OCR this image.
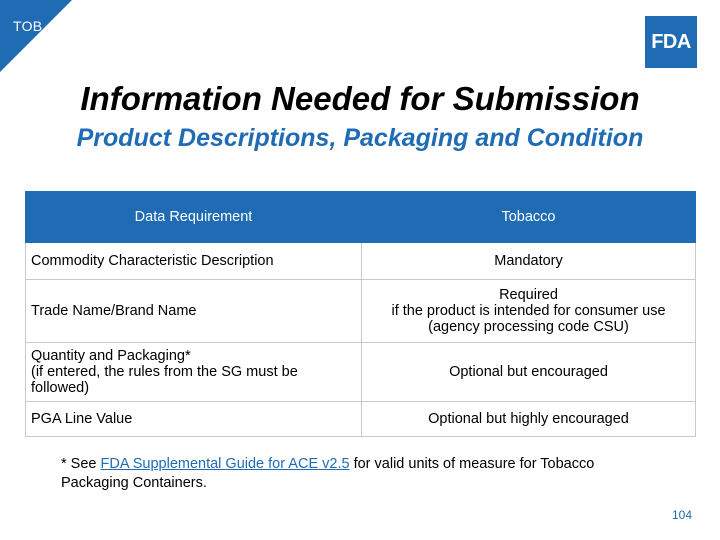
TOB
FDA
Information Needed for Submission
Product Descriptions, Packaging and Condition
Data Requirement	Tobacco
Commodity Characteristic Description	Mandatory
Trade Name/Brand Name	Required
if the product is intended for consumer use
(agency processing code CSU)
Quantity and Packaging*
(if entered, the rules from the SG must be
followed)	Optional but encouraged
PGA Line Value	Optional but highly encouraged
* See FDA Supplemental Guide for ACE v2.5 for valid units of measure for Tobacco
Packaging Containers.
104
